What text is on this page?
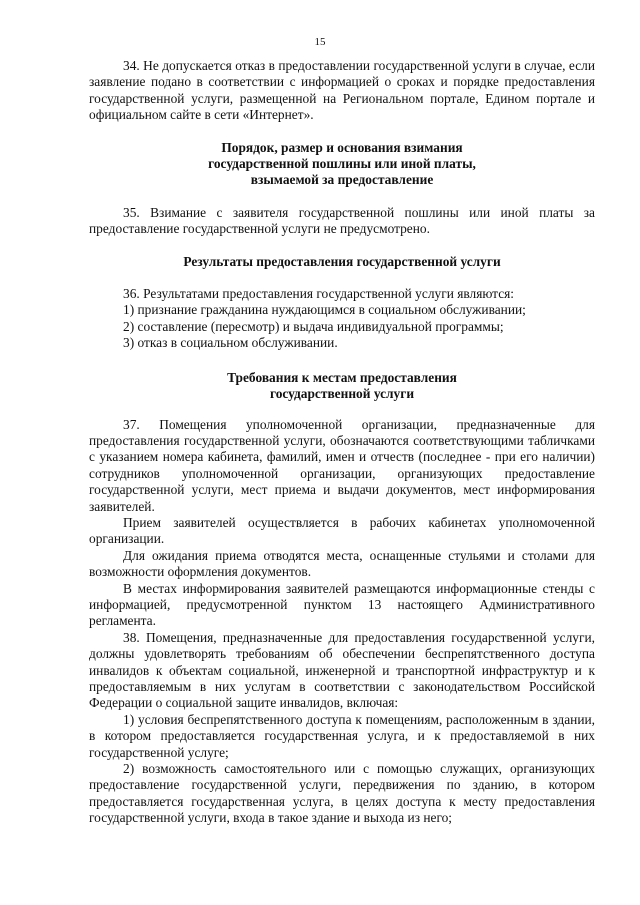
15

34. Не допускается отказ в предоставлении государственной услуги в случае, если заявление подано в соответствии с информацией о сроках и порядке предоставления государственной услуги, размещенной на Региональном портале, Едином портале и официальном сайте в сети «Интернет».

Порядок, размер и основания взимания
государственной пошлины или иной платы,
взымаемой за предоставление

35. Взимание с заявителя государственной пошлины или иной платы за предоставление государственной услуги не предусмотрено.

Результаты предоставления государственной услуги

36. Результатами предоставления государственной услуги являются:

1) признание гражданина нуждающимся в социальном обслуживании;
2) составление (пересмотр) и выдача индивидуальной программы;
3) отказ в социальном обслуживании.
Требования к местам предоставления
государственной услуги

37. Помещения уполномоченной организации, предназначенные для предоставления государственной услуги, обозначаются соответствующими табличками с указанием номера кабинета, фамилий, имен и отчеств (последнее - при его наличии) сотрудников уполномоченной организации, организующих предоставление государственной услуги, мест приема и выдачи документов, мест информирования заявителей.

Прием заявителей осуществляется в рабочих кабинетах уполномоченной организации.

Для ожидания приема отводятся места, оснащенные стульями и столами для возможности оформления документов.

В местах информирования заявителей размещаются информационные стенды с информацией, предусмотренной пунктом 13 настоящего Административного регламента.

38. Помещения, предназначенные для предоставления государственной услуги, должны удовлетворять требованиям об обеспечении беспрепятственного доступа инвалидов к объектам социальной, инженерной и транспортной инфраструктур и к предоставляемым в них услугам в соответствии с законодательством Российской Федерации о социальной защите инвалидов, включая:

1) условия беспрепятственного доступа к помещениям, расположенным в здании, в котором предоставляется государственная услуга, и к предоставляемой в них государственной услуге;

2) возможность самостоятельного или с помощью служащих, организующих предоставление государственной услуги, передвижения по зданию, в котором предоставляется государственная услуга, в целях доступа к месту предоставления государственной услуги, входа в такое здание и выхода из него;
